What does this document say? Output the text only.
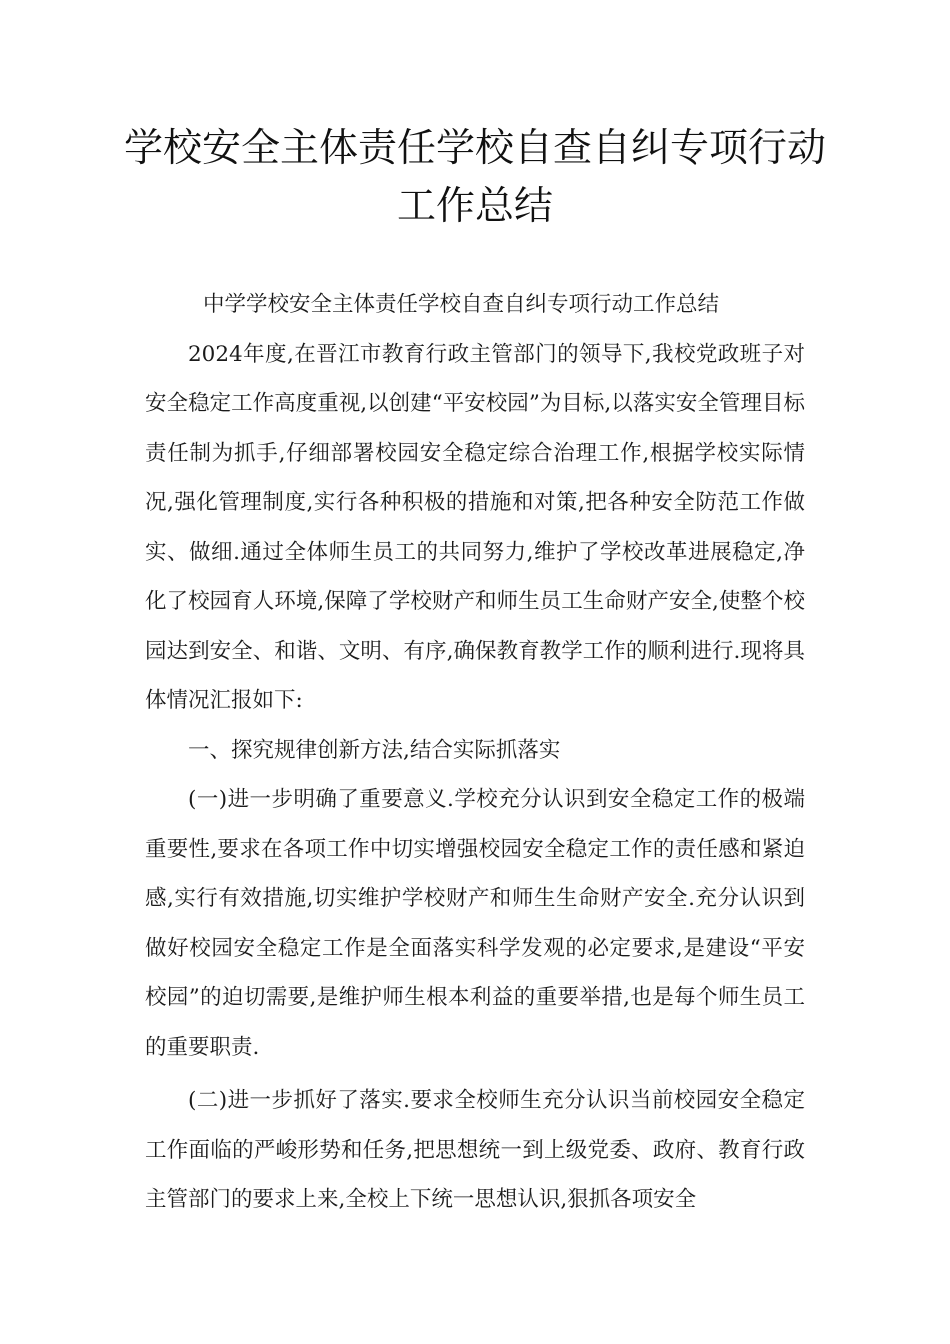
学校安全主体责任学校自查自纠专项行动工作总结

中学学校安全主体责任学校自查自纠专项行动工作总结

2024年度,在晋江市教育行政主管部门的领导下,我校党政班子对安全稳定工作高度重视,以创建“平安校园”为目标,以落实安全管理目标责任制为抓手,仔细部署校园安全稳定综合治理工作,根据学校实际情况,强化管理制度,实行各种积极的措施和对策,把各种安全防范工作做实、做细.通过全体师生员工的共同努力,维护了学校改革进展稳定,净化了校园育人环境,保障了学校财产和师生员工生命财产安全,使整个校园达到安全、和谐、文明、有序,确保教育教学工作的顺利进行.现将具体情况汇报如下:

一、探究规律创新方法,结合实际抓落实

(一)进一步明确了重要意义.学校充分认识到安全稳定工作的极端重要性,要求在各项工作中切实增强校园安全稳定工作的责任感和紧迫感,实行有效措施,切实维护学校财产和师生生命财产安全.充分认识到做好校园安全稳定工作是全面落实科学发观的必定要求,是建设“平安校园”的迫切需要,是维护师生根本利益的重要举措,也是每个师生员工的重要职责.

(二)进一步抓好了落实.要求全校师生充分认识当前校园安全稳定工作面临的严峻形势和任务,把思想统一到上级党委、政府、教育行政主管部门的要求上来,全校上下统一思想认识,狠抓各项安全
